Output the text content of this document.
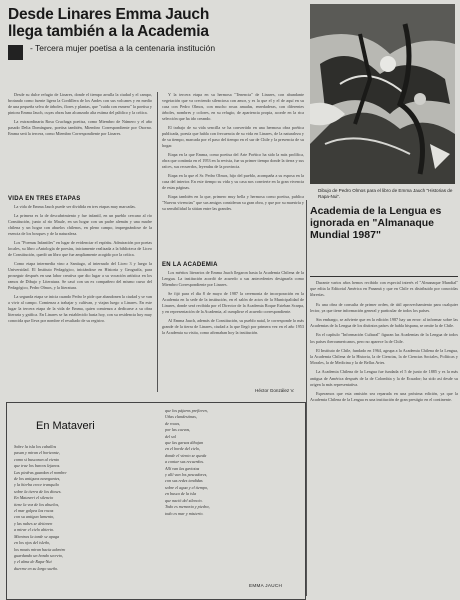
Desde Linares Emma Jauch
llega también a la Academia
- Tercera mujer poetisa a la centenaria institución

Desde su dulce refugio de Linares, donde el tiempo arrulla la ciudad y el campo, brotando como fuente ligera la Cordillera de los Andes con sus volcanes y en medio de una pequeña selva de árboles, flores y plantas, que "cuida con esmero" la poetisa y pintora Emma Jauch, cuyas obras han alcanzado alta estima del público y la crítica.

La extraordinaria Rosa Cruchaga poetisa, como Miembro de Número y el año pasado Delia Domínguez, poetisa también, Miembro Correspondiente por Osorno. Emma será la tercera, como Miembro Correspondiente por Linares.

VIDA EN TRES ETAPAS

La vida de Emma Jauch puede ser dividida en tres etapas muy marcadas.

La primera es la de descubrimiento y fue infantil, en un pueblo cercano al río Constitución, junto al río Maule, en un hogar con un padre alemán y una madre chilena y un hogar con abuelos chilenos, en pleno campo, impregnándose de la esencia de los bosques y de la naturaleza.

Los "Poemas Infantiles" en lugar de evidenciar el espíritu. Admiración por poetas locales, su libro «Antología de poesías, iniciamente realizada a la biblioteca de Liceo de Constitución, quedó un libro que fue ampliamente acogido por la crítica.

Como etapa intermedia vino a Santiago, al internado del Liceo 3 y luego la Universidad. El Instituto Pedagógico, iniciándose en Historia y Geografía, para proseguir después en una labor creativa que dio lugar a su vocación artística en los ramos de Dibujo y Literatura. Se casó con un ex compañero del mismo curso del Pedagógico, Pedro Olmos, y la literatura.

La segunda etapa se inicia cuando Pedro le pide que abandonen la ciudad y se van a vivir al campo. Comienza a trabajar y cultivan, y viajan luego a Linares. En este lugar la tercera etapa de la vida de Emma, quien comienza a dedicarse a su obra literaria y gráfica. En Linares se ha establecido hasta hoy, con su residencia hoy muy conocida que lleva por nombre el resultado de su registro.

Y la tercera etapa en su hermosa "Tenencia" de Linares, con abundante vegetación que va creciendo silenciosa con amor, y es la que el y el de aquí en su casa con Pedro Olmos, con mucho rosas amadas, enredaderas, con diferentes árboles, nombres y colores, en su refugio, de apariencia propia, acorde en la rica selección que ha ido creando.

El trabajo de su vida sencilla se ha convertido en una hermosa obra poética publicada, poesía que habla con frecuencia de su vida en Linares, de la naturaleza y de su tiempo, marcada por el paso del tiempo en el sur de Chile y la presencia de su hogar.

Etapa en la que Emma, como poetisa del Arte Poético ha sido la más prolífica, obra que continúa en el 1953 en la revista, fue su primer tiempo donde la tierra y sus raíces, sus recuerdos, leyendas de la provincia.

Etapa en la que el Sr. Pedro Olmos, hijo del pueblo, acompaña a su esposa en la casa del interior. En este tiempo su vida y su casa nos convierte en la gran vivencia de estas páginas.

Etapa también en la que, primero muy bella y hermosa como poetisa, publica "Nuevas vivencias" que sus amigos consideran su gran obra, y que por su maestría y su sensibilidad la sitúan entre las grandes.

EN LA ACADEMIA

Los méritos literarios de Emma Jauch llegaron hasta la Academia Chilena de la Lengua. La institución acordó de acuerdo a sus antecedentes designarla como Miembro Correspondiente por Linares.

Se fijó para el día 8 de mayo de 1987 la ceremonia de incorporación en la Academia en la sede de la institución, en el salón de actos de la Municipalidad de Linares, donde será recibida por el Director de la Academia Roque Esteban Scarpa, y en representación de la Academia, al cumplirse el acuerdo correspondiente.

Al Emma Jauch, además de Constitución, su pueblo natal, le corresponde lo más grande de la tierra de Linares, ciudad a la que llegó por primera vez en el año 1953 la Academia su visita, como afirmaban hoy la institución.

Héctor González V.
Dibujo de Pedro Olmos para el libro de Emma Jauch "Historias de Rapa-Nui".
Academia de la Lengua es ignorada en "Almanaque Mundial 1987"

Durante varios años hemos recibido con especial interés el "Almanaque Mundial" que edita la Editorial América en Panamá y que en Chile es distribuido por conocidas librerías.

Es una obra de consulta de primer orden, de útil aprovechamiento para cualquier lector, ya que tiene información general y particular de todos los países.

Sin embargo, se advierte que en la edición 1987 hay un error: al informar sobre las Academias de la Lengua de los distintos países de habla hispana, se omite la de Chile.

En el capítulo "Información Cultural" figuran las Academias de la Lengua de todos los países iberoamericanos, pero no aparece la de Chile.

El Instituto de Chile, fundado en 1964, agrupa a la Academia Chilena de la Lengua, la Academia Chilena de la Historia, la de Ciencias, la de Ciencias Sociales, Políticas y Morales, la de Medicina y la de Bellas Artes.

La Academia Chilena de la Lengua fue fundada el 5 de junio de 1885 y es la más antigua de América después de la de Colombia y la de Ecuador; ha sido así desde su origen la más representativa.

Esperamos que esta omisión sea reparada en una próxima edición, ya que la Academia Chilena de la Lengua es una institución de gran prestigio en el continente.

En Mataveri
Sobre la isla los caballos
pasan y miran el horizonte,
como si buscaran al viento
que trae los barcos lejanos.
Las piedras guardan el nombre
de los antiguos navegantes,
y la hierba crece tranquila
sobre la tierra de los dioses.
En Mataveri el silencio
tiene la voz de los abuelos,
el mar golpea las rocas
con su antiguo lamento,
y las nubes se detienen
a mirar el cielo abierto.
Mientras la tarde se apaga
en los ojos del isleño,
los moais miran hacia adentro
guardando un hondo secreto,
y el alma de Rapa-Nui
duerme en su largo sueño.
que los pájaros prefieren,
Uñas clandestinas,
de rocas,
por las cuevas,
del sol
que las garzas dibujan
en el borde del cielo,
donde el viento se queda
a contar sus recuerdos.
Allí van las gaviotas
y allí van los pescadores,
con sus redes tendidas
sobre el agua y el tiempo,
en busca de la isla
que nació del silencio.
Todo es memoria y piedra,
todo es mar y misterio.
EMMA JAUCH
